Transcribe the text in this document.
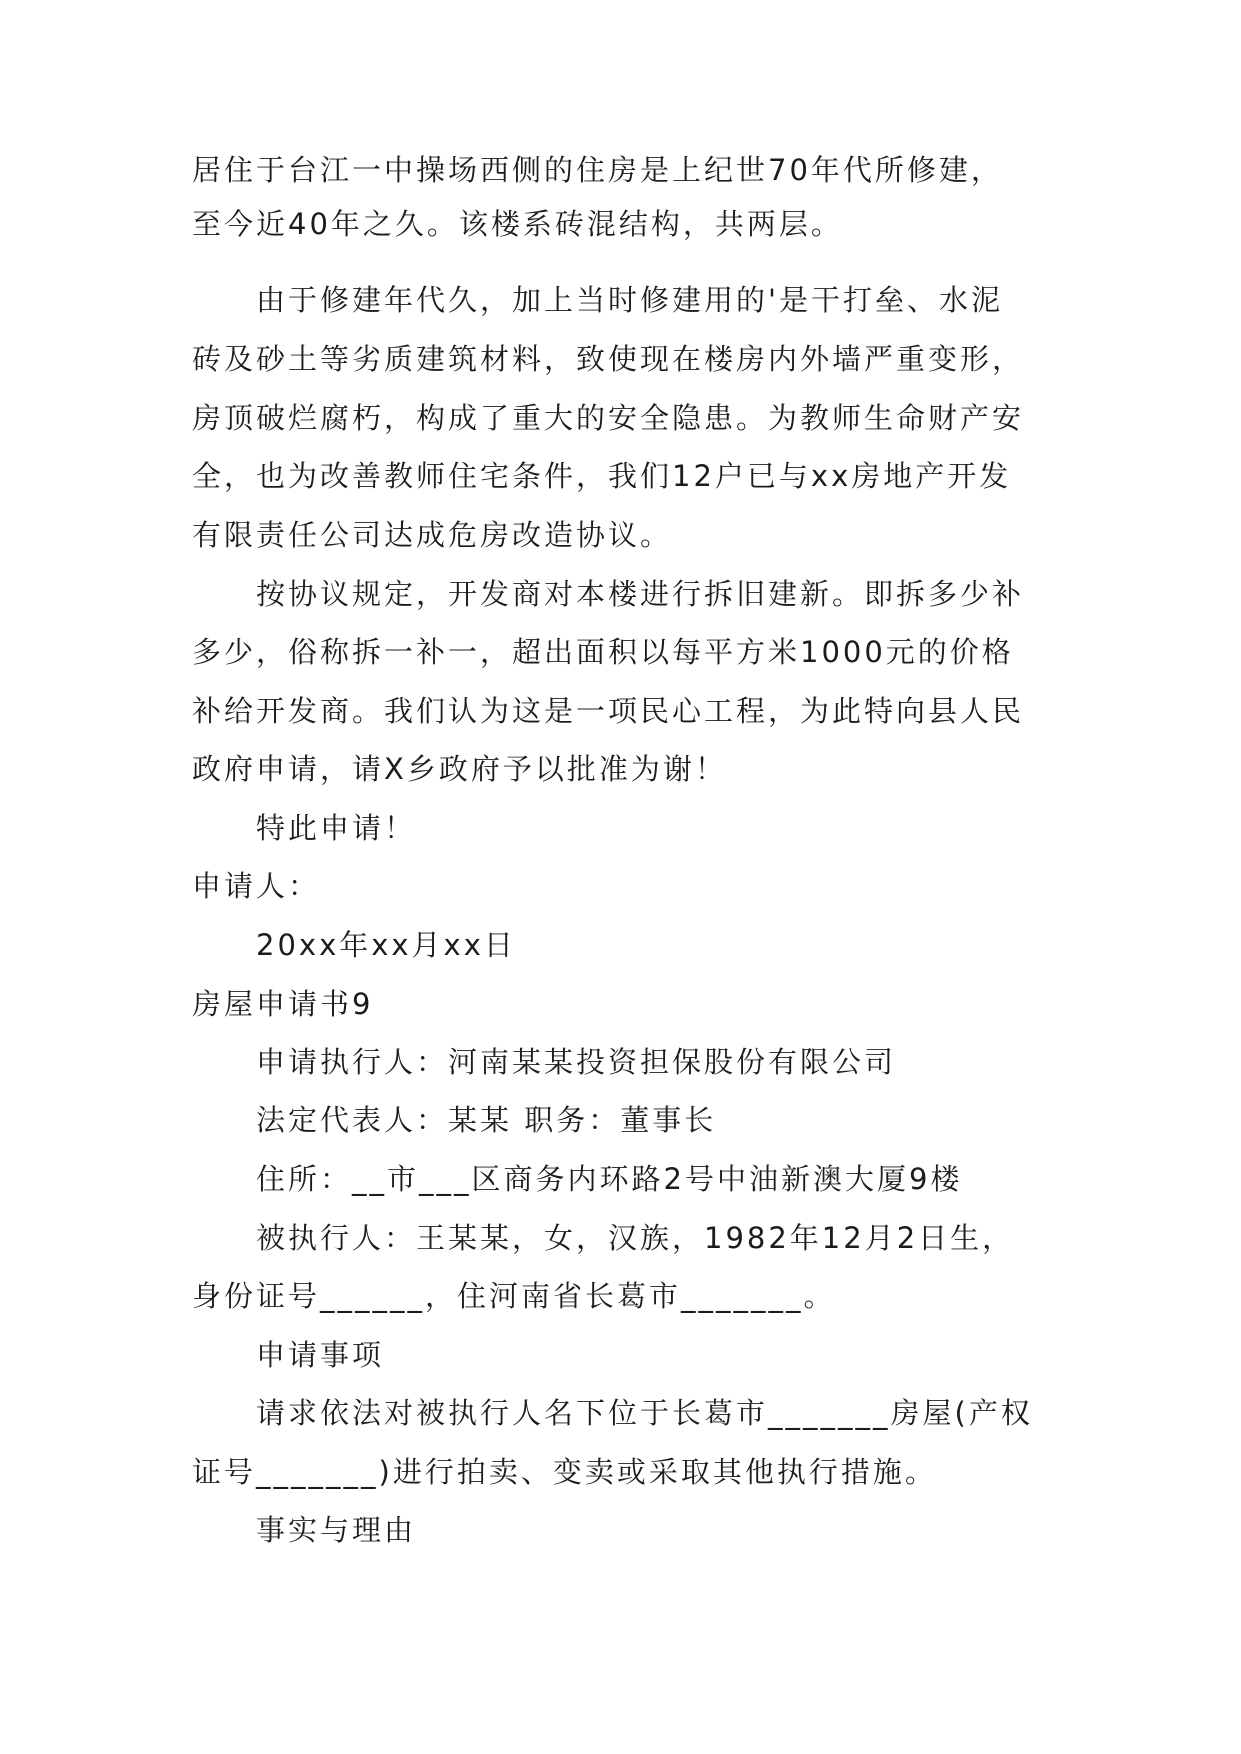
居住于台江一中操场西侧的住房是上纪世70年代所修建，
至今近40年之久。该楼系砖混结构，共两层。
由于修建年代久，加上当时修建用的'是干打垒、水泥
砖及砂土等劣质建筑材料，致使现在楼房内外墙严重变形，
房顶破烂腐朽，构成了重大的安全隐患。为教师生命财产安
全，也为改善教师住宅条件，我们12户已与xx房地产开发
有限责任公司达成危房改造协议。
按协议规定，开发商对本楼进行拆旧建新。即拆多少补
多少，俗称拆一补一，超出面积以每平方米1000元的价格
补给开发商。我们认为这是一项民心工程，为此特向县人民
政府申请，请X乡政府予以批准为谢！
特此申请！
申请人：
20xx年xx月xx日
房屋申请书9
申请执行人：河南某某投资担保股份有限公司
法定代表人：某某 职务：董事长
住所：__市___区商务内环路2号中油新澳大厦9楼
被执行人：王某某，女，汉族，1982年12月2日生，
身份证号______，住河南省长葛市_______。
申请事项
请求依法对被执行人名下位于长葛市_______房屋(产权
证号_______)进行拍卖、变卖或采取其他执行措施。
事实与理由
